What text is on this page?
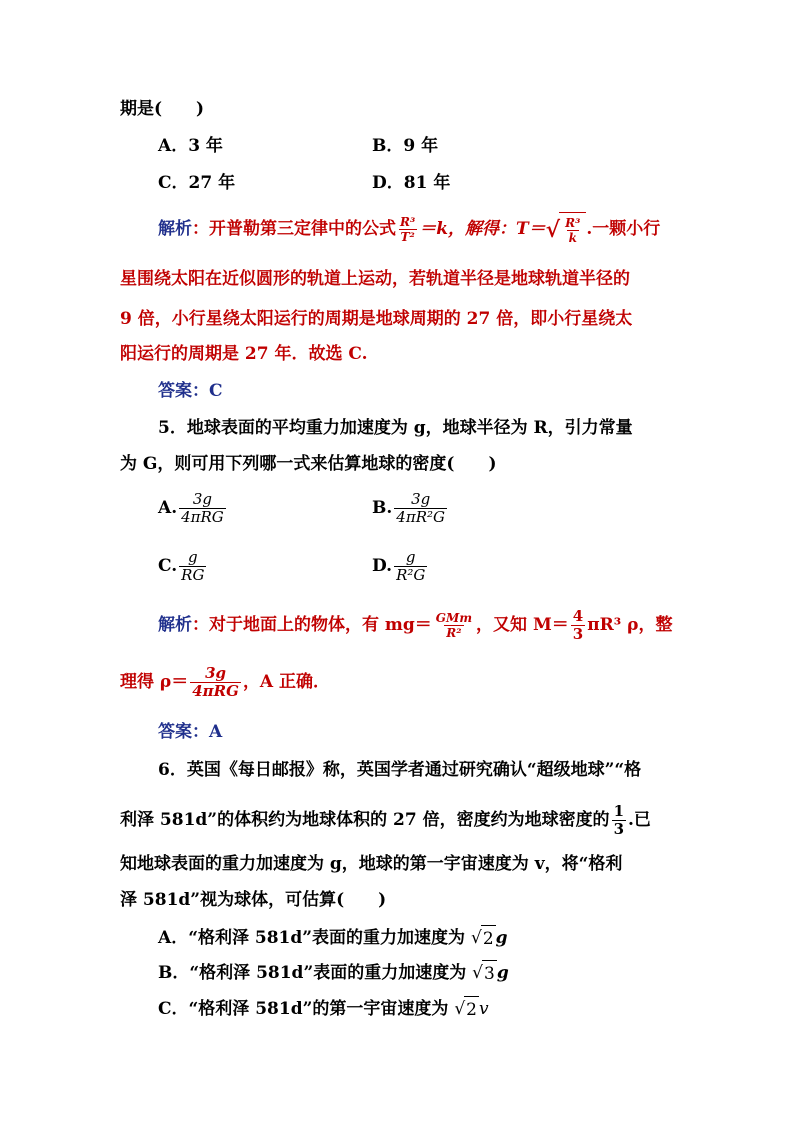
期是(　　)
A．3 年	B．9 年
C．27 年	D．81 年
解析：开普勒第三定律中的公式 $\frac{\text{R³}}{\text{T²}} =k$，解得：T＝ √ $\frac{\text{R³}}{k}$ .一颗小行
星围绕太阳在近似圆形的轨道上运动，若轨道半径是地球轨道半径的
9 倍，小行星绕太阳运行的周期是地球周期的 27 倍，即小行星绕太
阳运行的周期是 27 年．故选 C.
答案：C
5．地球表面的平均重力加速度为 g，地球半径为 R，引力常量
为 G，则可用下列哪一式来估算地球的密度(　　)
A. $\frac{3g}{\text{4πRG}}$	B. $\frac{3g}{\text{4πR²G}}$
C. $\frac{g}{RG}$	D. $\frac{g}{\text{R²G}}$
解析：对于地面上的物体，有 $mg= \frac{\text{GMm}}{\text{R²}}$ ，又知 $M= \frac{4}{3} \pi R^3$ ρ，整
理得 $\rho= \frac{3g}{\text{4πRG}}$ ，A 正确．
答案：A
6．英国《每日邮报》称，英国学者通过研究确认“超级地球”“格
利泽 581d”的体积约为地球体积的 27 倍，密度约为地球密度的 $\frac{1}{3}$ .已
知地球表面的重力加速度为 g，地球的第一宇宙速度为 v，将“格利
泽 581d”视为球体，可估算(　　)
A．“格利泽 581d”表面的重力加速度为 √ 2 g
B．“格利泽 581d”表面的重力加速度为 √ 3 g
C．“格利泽 581d”的第一宇宙速度为 √ 2 v
